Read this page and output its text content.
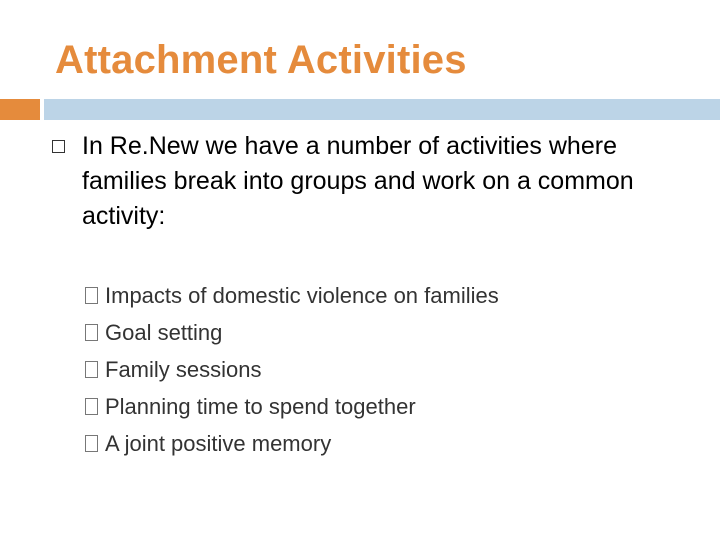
Attachment Activities

In Re.New we have a number of activities where families break into groups and work on a common activity:

Impacts of domestic violence on families
Goal setting
Family sessions
Planning time to spend together
A joint positive memory
